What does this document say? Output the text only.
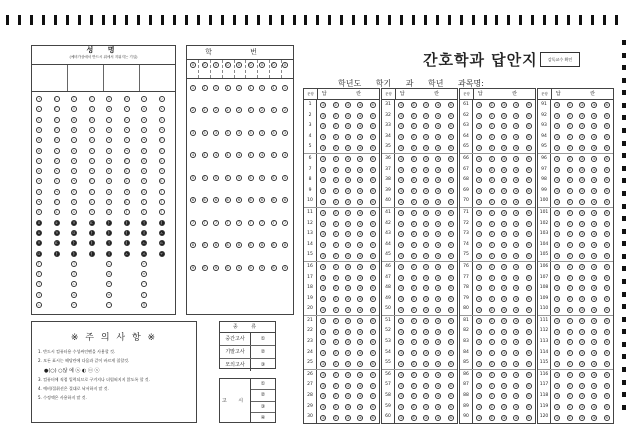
성 명
(예비가상에서 반드시 위에서 지워지는 기입)
ㄱ	ㄴ	ㄷ	ㄹ	ㅁ	ㅂ	ㅅ	ㅇ
ㄴ	ㄷ	ㄹ	ㅁ	ㅂ	ㅅ	ㅇ	ㅈ
ㄷ	ㄹ	ㅁ	ㅂ	ㅅ	ㅇ	ㅈ	ㅊ
ㄹ	ㅁ	ㅂ	ㅅ	ㅇ	ㅈ	ㅊ	ㅋ
ㅁ	ㅂ	ㅅ	ㅇ	ㅈ	ㅊ	ㅋ	ㅌ
ㅂ	ㅅ	ㅇ	ㅈ	ㅊ	ㅋ	ㅌ	ㅍ
ㅅ	ㅇ	ㅈ	ㅊ	ㅋ	ㅌ	ㅍ	ㅎ
ㅇ	ㅈ	ㅊ	ㅋ	ㅌ	ㅍ	ㅎ	ㄲ
ㅈ	ㅊ	ㅋ	ㅌ	ㅍ	ㅎ	ㄲ	ㄸ
ㅊ	ㅋ	ㅌ	ㅍ	ㅎ	ㄲ	ㄸ	ㅏ
ㅋ	ㅌ	ㅍ	ㅎ	ㄲ	ㄸ	ㅏ	ㅑ
ㅌ	ㅍ	ㅎ	ㄲ	ㄸ	ㅏ	ㅑ	ㅓ
ㅍ	ㅎ	ㄲ	ㄸ	ㅏ	ㅑ	ㅓ	ㅕ
ㅎ	ㄲ	ㄸ	ㅏ	ㅑ	ㅓ	ㅕ	ㅗ
ㄲ	ㄸ	ㅏ	ㅑ	ㅓ	ㅕ	ㅗ	ㅛ
ㄸ	ㅏ	ㅑ	ㅓ	ㅕ	ㅗ	ㅛ	ㅜ
ㅏ	ㅓ	ㅗ	ㅜ
ㅑ	ㅕ	ㅛ	ㅠ
ㅓ	ㅗ	ㅜ	ㅡ
ㅕ	ㅛ	ㅠ	ㅣ
ㅗ	ㅜ	ㅡ	ㅐ
학 번
0	0	0	0	0	0	0	0	0
1	1	1	1	1	1	1	1	1
2	2	2	2	2	2	2	2	2
3	3	3	3	3	3	3	3	3
4	4	4	4	4	4	4	4	4
5	5	5	5	5	5	5	5	5
6	6	6	6	6	6	6	6	6
7	7	7	7	7	7	7	7	7
8	8	8	8	8	8	8	8	8
9	9	9	9	9	9	9	9	9
간호학과 답안지	감독교수 확인
학년도 학기 과 학년 과목명:
문항	답 란
1	①	②	③	④	⑤
2	①	②	③	④	⑤
3	①	②	③	④	⑤
4	①	②	③	④	⑤
5	①	②	③	④	⑤
6	①	②	③	④	⑤
7	①	②	③	④	⑤
8	①	②	③	④	⑤
9	①	②	③	④	⑤
10	①	②	③	④	⑤
11	①	②	③	④	⑤
12	①	②	③	④	⑤
13	①	②	③	④	⑤
14	①	②	③	④	⑤
15	①	②	③	④	⑤
16	①	②	③	④	⑤
17	①	②	③	④	⑤
18	①	②	③	④	⑤
19	①	②	③	④	⑤
20	①	②	③	④	⑤
21	①	②	③	④	⑤
22	①	②	③	④	⑤
23	①	②	③	④	⑤
24	①	②	③	④	⑤
25	①	②	③	④	⑤
26	①	②	③	④	⑤
27	①	②	③	④	⑤
28	①	②	③	④	⑤
29	①	②	③	④	⑤
30	①	②	③	④	⑤
문항	답 란
31	①	②	③	④	⑤
32	①	②	③	④	⑤
33	①	②	③	④	⑤
34	①	②	③	④	⑤
35	①	②	③	④	⑤
36	①	②	③	④	⑤
37	①	②	③	④	⑤
38	①	②	③	④	⑤
39	①	②	③	④	⑤
40	①	②	③	④	⑤
41	①	②	③	④	⑤
42	①	②	③	④	⑤
43	①	②	③	④	⑤
44	①	②	③	④	⑤
45	①	②	③	④	⑤
46	①	②	③	④	⑤
47	①	②	③	④	⑤
48	①	②	③	④	⑤
49	①	②	③	④	⑤
50	①	②	③	④	⑤
51	①	②	③	④	⑤
52	①	②	③	④	⑤
53	①	②	③	④	⑤
54	①	②	③	④	⑤
55	①	②	③	④	⑤
56	①	②	③	④	⑤
57	①	②	③	④	⑤
58	①	②	③	④	⑤
59	①	②	③	④	⑤
60	①	②	③	④	⑤
문항	답 란
61	①	②	③	④	⑤
62	①	②	③	④	⑤
63	①	②	③	④	⑤
64	①	②	③	④	⑤
65	①	②	③	④	⑤
66	①	②	③	④	⑤
67	①	②	③	④	⑤
68	①	②	③	④	⑤
69	①	②	③	④	⑤
70	①	②	③	④	⑤
71	①	②	③	④	⑤
72	①	②	③	④	⑤
73	①	②	③	④	⑤
74	①	②	③	④	⑤
75	①	②	③	④	⑤
76	①	②	③	④	⑤
77	①	②	③	④	⑤
78	①	②	③	④	⑤
79	①	②	③	④	⑤
80	①	②	③	④	⑤
81	①	②	③	④	⑤
82	①	②	③	④	⑤
83	①	②	③	④	⑤
84	①	②	③	④	⑤
85	①	②	③	④	⑤
86	①	②	③	④	⑤
87	①	②	③	④	⑤
88	①	②	③	④	⑤
89	①	②	③	④	⑤
90	①	②	③	④	⑤
문항	답 란
91	①	②	③	④	⑤
92	①	②	③	④	⑤
93	①	②	③	④	⑤
94	①	②	③	④	⑤
95	①	②	③	④	⑤
96	①	②	③	④	⑤
97	①	②	③	④	⑤
98	①	②	③	④	⑤
99	①	②	③	④	⑤
100	①	②	③	④	⑤
101	①	②	③	④	⑤
102	①	②	③	④	⑤
103	①	②	③	④	⑤
104	①	②	③	④	⑤
105	①	②	③	④	⑤
106	①	②	③	④	⑤
107	①	②	③	④	⑤
108	①	②	③	④	⑤
109	①	②	③	④	⑤
110	①	②	③	④	⑤
111	①	②	③	④	⑤
112	①	②	③	④	⑤
113	①	②	③	④	⑤
114	①	②	③	④	⑤
115	①	②	③	④	⑤
116	①	②	③	④	⑤
117	①	②	③	④	⑤
118	①	②	③	④	⑤
119	①	②	③	④	⑤
120	①	②	③	④	⑤
※ 주 의 사 항 ※
1. 반드시 컴퓨터용 수성싸인펜을 사용할 것.
2. 모든 표시는 해당란에 다음과 같이 바르게 칠할것.
●(○) ○않 예 ⓧ ◐ ⓞ ⓢ
3. 컴퓨터에 직접 입력되므로 구겨지나 더럽혀지지 않도록 할 것.
4. 예비/절취선은 절대로 낙서하지 말 것.
5. 수정액은 사용하지 말 것.
종 류
중간고사	①
기말고사	②
모의고사	③
고 시
①
②
③
④
